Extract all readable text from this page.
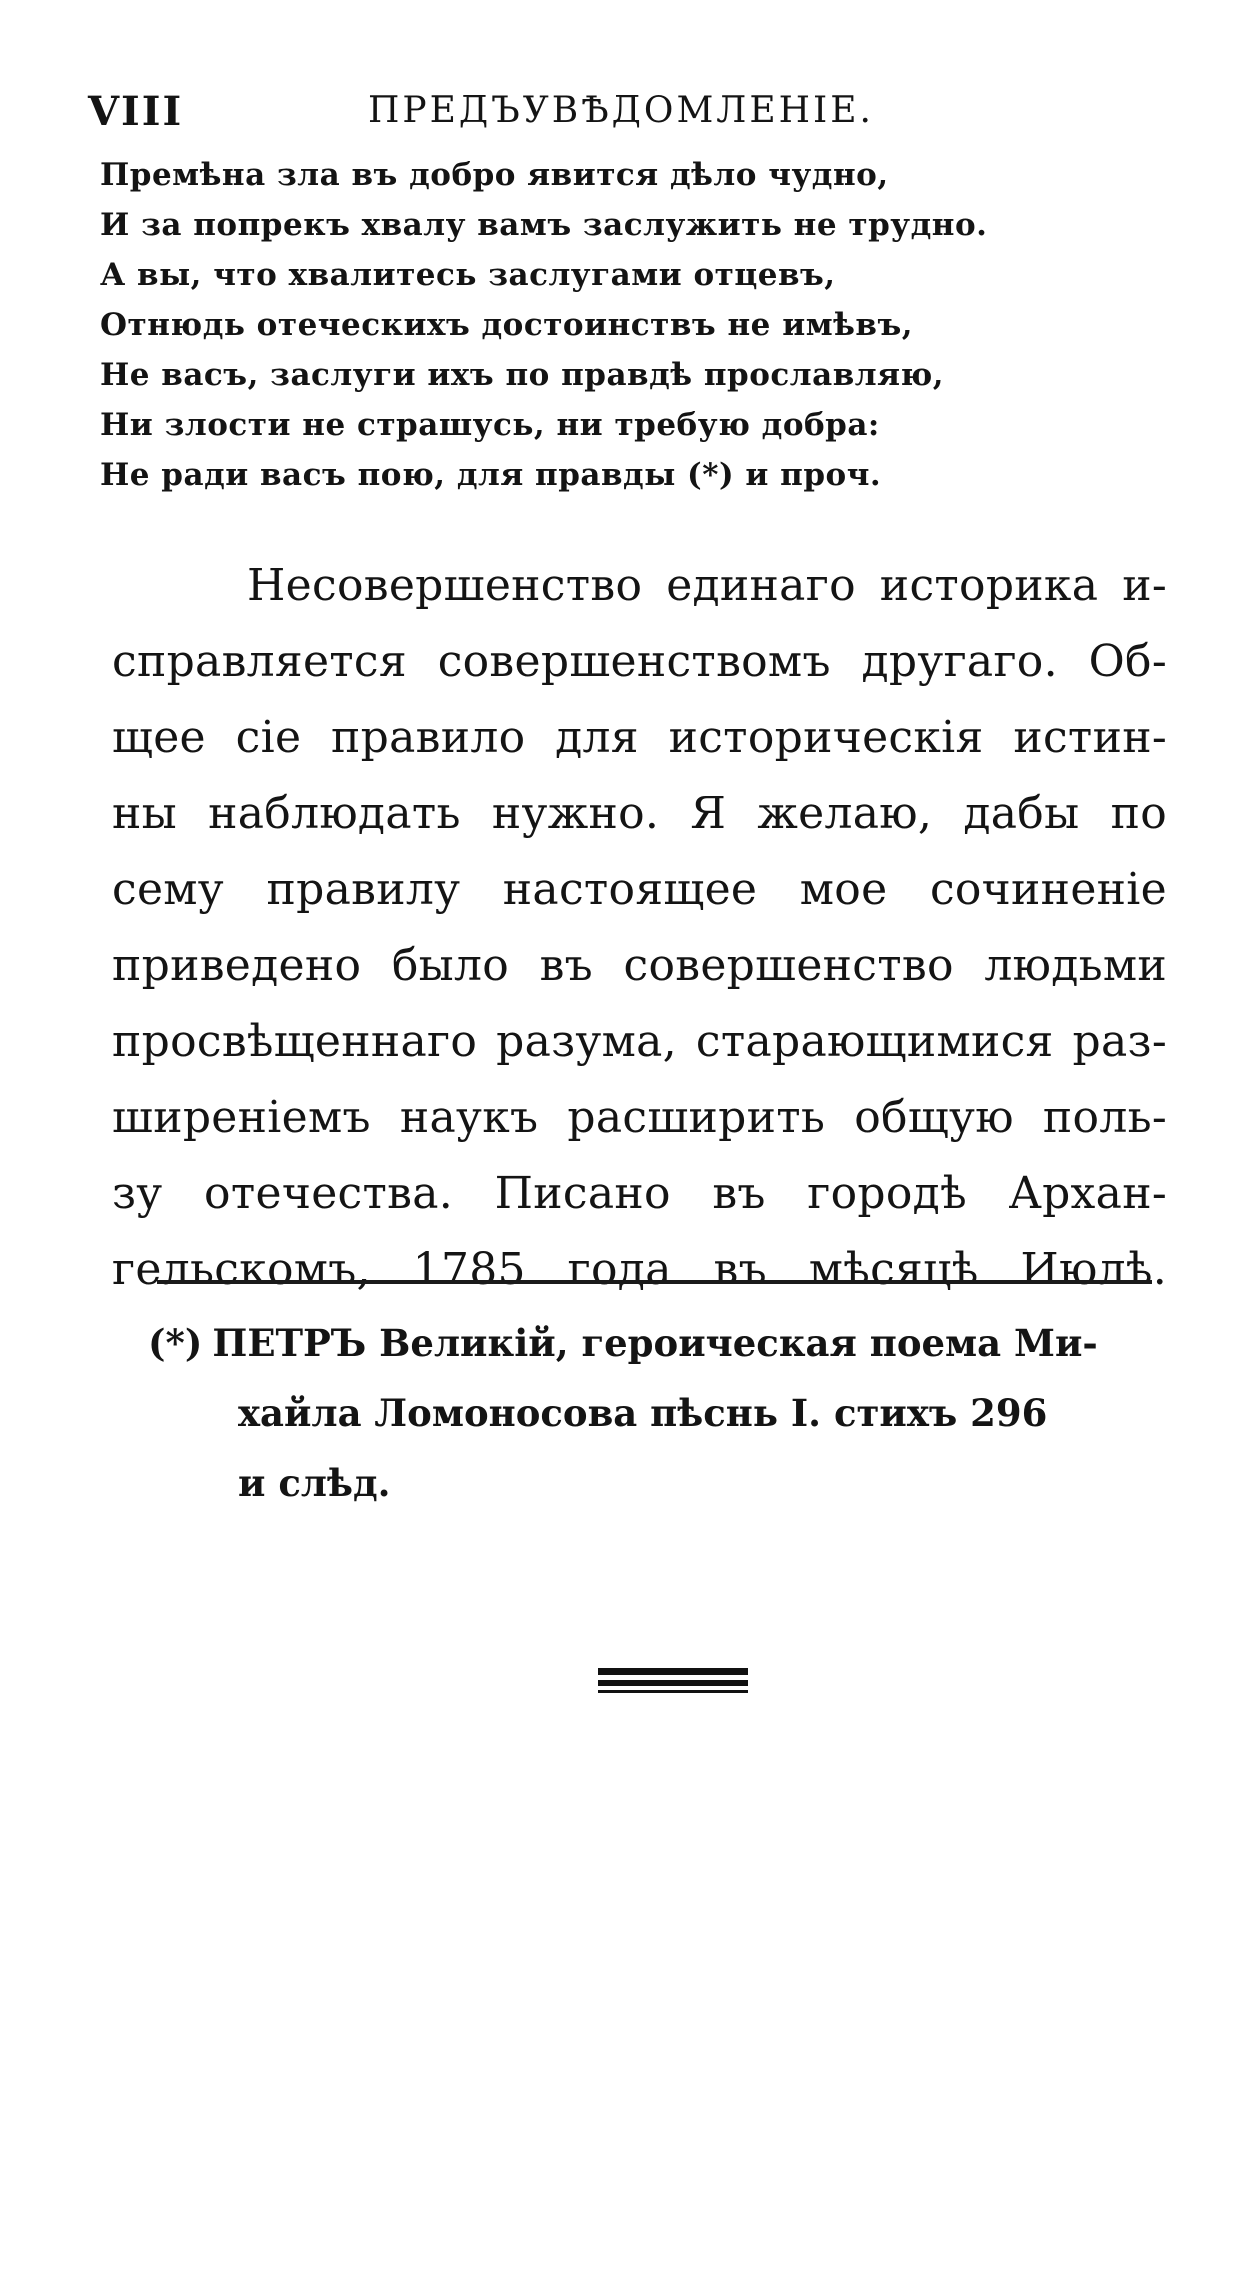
VIII	ПРЕДЪУВѢДОМЛЕНIЕ.
Премѣна зла въ добро явится дѣло чудно,
И за попрекъ хвалу вамъ заслужить не трудно.
А вы, что хвалитесь заслугами отцевъ,
Отнюдь отеческихъ достоинствъ не имѣвъ,
Не васъ, заслуги ихъ по правдѣ прославляю,
Ни злости не страшусь, ни требую добра:
Не ради васъ пою, для правды (*) и проч.
Несовершенство единаго историка и-
справляется совершенствомъ другаго. Об-
щее сiе правило для историческiя истин-
ны наблюдать нужно. Я желаю, дабы по
сему правилу настоящее мое сочиненiе
приведено было въ совершенство людьми
просвѣщеннаго разума, старающимися раз-
ширенiемъ наукъ расширить общую поль-
зу отечества. Писано въ городѣ Архан-
гельскомъ, 1785 года въ мѣсяцѣ Июлѣ.
(*) ПЕТРЪ Великiй, героическая поема Ми-
хайла Ломоносова пѣснь I. стихъ 296
и слѣд.
